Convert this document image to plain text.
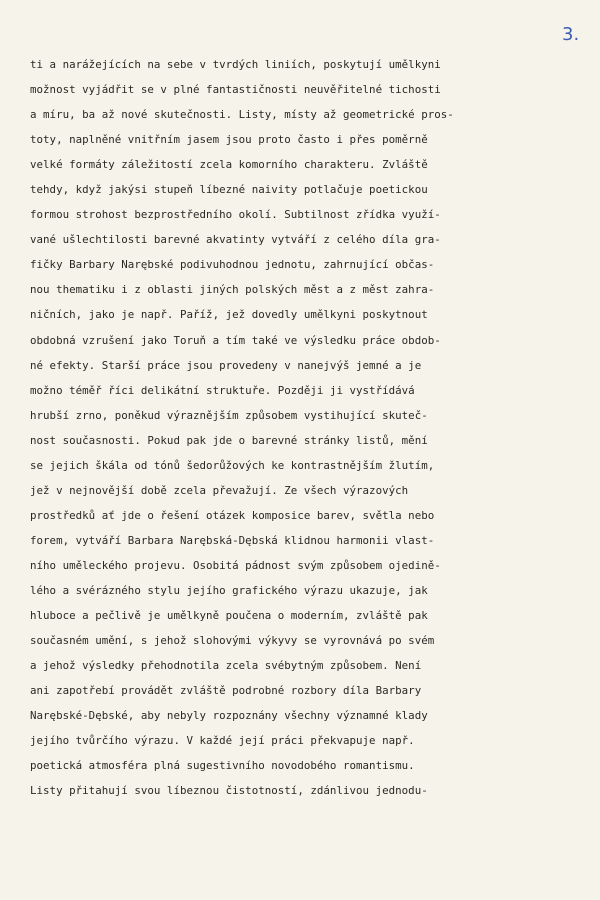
3.
ti a narážejících na sebe v tvrdých liniích, poskytují umělkyni
možnost vyjádřit se v plné fantastičnosti neuvěřitelné tichosti
a míru, ba až nové skutečnosti. Listy, místy až geometrické pros-
toty, naplněné vnitřním jasem jsou proto často i přes poměrně
velké formáty záležitostí zcela komorního charakteru. Zvláště
tehdy, když jakýsi stupeň líbezné naivity potlačuje poetickou
formou strohost bezprostředního okolí. Subtilnost zřídka využí-
vané ušlechtilosti barevné akvatinty vytváří z celého díla gra-
fičky Barbary Narębské podivuhodnou jednotu, zahrnující občas-
nou thematiku i z oblasti jiných polských měst a z měst zahra-
ničních, jako je např. Paříž, jež dovedly umělkyni poskytnout
obdobná vzrušení jako Toruň a tím také ve výsledku práce obdob-
né efekty. Starší práce jsou provedeny v nanejvýš jemné a je
možno téměř říci delikátní struktuře. Později ji vystřídává
hrubší zrno, poněkud výraznějším způsobem vystihující skuteč-
nost současnosti. Pokud pak jde o barevné stránky listů, mění
se jejich škála od tónů šedorůžových ke kontrastnějším žlutím,
jež v nejnovější době zcela převažují. Ze všech výrazových
prostředků ať jde o řešení otázek komposice barev, světla nebo
forem, vytváří Barbara Narębská-Dębská klidnou harmonii vlast-
ního uměleckého projevu. Osobitá pádnost svým způsobem ojedině-
lého a svérázného stylu jejího grafického výrazu ukazuje, jak
hluboce a pečlivě je umělkyně poučena o moderním, zvláště pak
současném umění, s jehož slohovými výkyvy se vyrovnává po svém
a jehož výsledky přehodnotila zcela svébytným způsobem. Není
ani zapotřebí provádět zvláště podrobné rozbory díla Barbary
Narębské-Dębské, aby nebyly rozpoznány všechny významné klady
jejího tvůrčího výrazu. V každé její práci překvapuje např.
poetická atmosféra plná sugestivního novodobého romantismu.
Listy přitahují svou líbeznou čistotností, zdánlivou jednodu-
